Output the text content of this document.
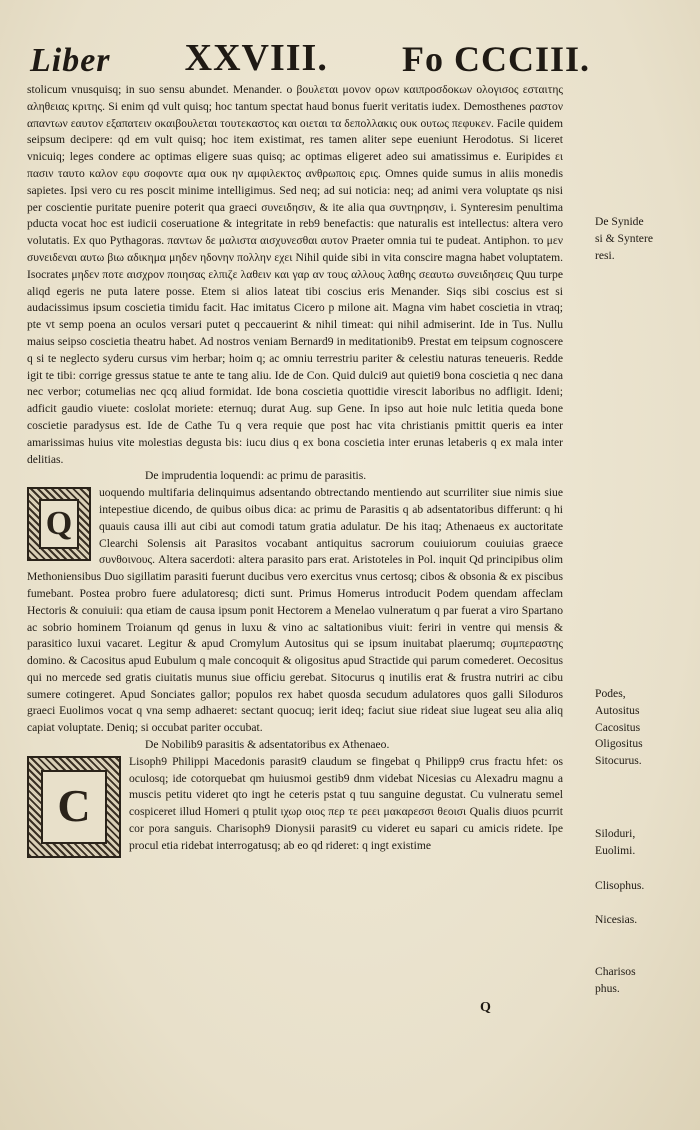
Liber XXVIII. Fo CCCIII.

stolicum vnusquisq; in suo sensu abundet. Menander. ο βουλεται μονον ορων καιπροσδοκων ολογισος εσταιτης αληθειας κριτης. Si enim qd vult quisq; hoc tantum spectat haud bonus fuerit veritatis iudex. Demosthenes ραστον απαντων εαυτον εξαπατειν οκαιβουλεται τουτεκαστος και οιεται τα δεπολλακις ουκ ουτως πεφυκεν. Facile quidem seipsum decipere: qd em vult quisq; hoc item existimat, res tamen aliter sepe eueniunt Herodotus. Si liceret vnicuiq; leges condere ac optimas eligere suas quisq; ac optimas eligeret adeo sui amatissimus e. Euripides ει πασιν ταυτο καλον εφυ σοφοντε αμα ουκ ην αμφιλεκτος ανθρωποις ερις. Omnes quide sumus in aliis monedis sapietes. Ipsi vero cu res poscit minime intelligimus. Sed neq; ad sui noticia: neq; ad animi vera voluptate qs nisi per coscientie puritate puenire poterit qua graeci συνειδησιν, & ite alia qua συντηρησιν, i. Synteresim penultima pducta vocat hoc est iudicii coseruatione & integritate in reb9 benefactis: que naturalis est intellectus: altera vero volutatis. Ex quo Pythagoras. παντων δε μαλιστα αισχυνεσθαι αυτον Praeter omnia tui te pudeat. Antiphon. το μεν συνειδεναι αυτω βιω αδικημα μηδεν ηδονην πολλην εχει Nihil quide sibi in vita conscire magna habet voluptatem. Isocrates μηδεν ποτε αισχρον ποιησας ελπιζε λαθειν και γαρ αν τους αλλους λαθης σεαυτω συνειδησεις Quu turpe aliqd egeris ne puta latere posse. Etem si alios lateat tibi coscius eris Menander. Siqs sibi coscius est si audacissimus ipsum coscietia timidu facit. Hac imitatus Cicero p milone ait. Magna vim habet coscietia in vtraq; pte vt semp poena an oculos versari putet q peccauerint & nihil timeat: qui nihil admiserint. Ide in Tus. Nullu maius seipso coscietia theatru habet. Ad nostros veniam Bernard9 in meditationib9. Prestat em teipsum cognoscere q si te neglecto syderu cursus vim herbar; hoim q; ac omniu terrestriu pariter & celestiu naturas teneueris. Redde igit te tibi: corrige gressus statue te ante te tang aliu. Ide de Con. Quid dulci9 aut quieti9 bona coscietia q nec dana nec verbor; cotumelias nec qcq aliud formidat. Ide bona coscietia quottidie virescit laboribus no adfligit. Ideni; adficit gaudio viuete: coslolat moriete: eternuq; durat Aug. sup Gene. In ipso aut hoie nulc letitia queda bone coscietie paradysus est. Ide de Cathe Tu q vera requie que post hac vita christianis pmittit queris ea inter amarissimas huius vite molestias degusta bis: iucu dius q ex bona coscietia inter erunas letaberis q ex mala inter delitias.

De imprudentia loquendi: ac primu de parasitis.

Q
uoquendo multifaria delinquimus adsentando obtrectando mentiendo aut scurriliter siue nimis siue intepestiue dicendo, de quibus oibus dica: ac primu de Parasitis q ab adsentatoribus differunt: q hi quauis causa illi aut cibi aut comodi tatum gratia adulatur. De his itaq; Athenaeus ex auctoritate Clearchi Solensis ait Parasitos vocabant antiquitus sacrorum couiuiorum couiuias graece συνθοινους. Altera sacerdoti: altera parasito pars erat. Aristoteles in Pol. inquit Qd principibus olim Methoniensibus Duo sigillatim parasiti fuerunt ducibus vero exercitus vnus certosq; cibos & obsonia & ex piscibus fumebant. Postea probro fuere adulatoresq; dicti sunt. Primus Homerus introducit Podem quendam affeclam Hectoris & conuiuii: qua etiam de causa ipsum ponit Hectorem a Menelao vulneratum q par fuerat a viro Spartano ac sobrio hominem Troianum qd genus in luxu & vino ac saltationibus viuit: feriri in ventre qui mensis & parasitico luxui vacaret. Legitur & apud Cromylum Autositus qui se ipsum inuitabat plaerumq; συμπεραστης domino. & Cacositus apud Eubulum q male concoquit & oligositus apud Stractide qui parum comederet. Oecositus qui no mercede sed gratis ciuitatis munus siue officiu gerebat. Sitocurus q inutilis erat & frustra nutriri ac cibu sumere cotingeret. Apud Sonciates gallor; populos rex habet quosda secudum adulatores quos galli Siloduros graeci Euolimos vocat q vna semp adhaeret: sectant quocuq; ierit ideq; faciut siue rideat siue lugeat seu alia aliq capiat voluptate. Deniq; si occubat pariter occubat.

De Nobilib9 parasitis & adsentatoribus ex Athenaeo.

C
Lisoph9 Philippi Macedonis parasit9 claudum se fingebat q Philipp9 crus fractu hfet: os oculosq; ide cotorquebat qm huiusmoi gestib9 dnm videbat Nicesias cu Alexadru magnu a muscis petitu videret qto ingt he ceteris pstat q tuu sanguine degustat. Cu vulneratu semel cospiceret illud Homeri q ptulit ιχωρ οιος περ τε ρεει μακαρεσσι θεοισι Qualis diuos pcurrit cor pora sanguis. Charisoph9 Dionysii parasit9 cu videret eu sapari cu amicis ridete. Ipe procul etia ridebat interrogatusq; ab eo qd rideret: q ingt existime

De Synide
si & Syntere
resi.
Podes,
Autositus
Cacositus
Oligositus
Sitocurus.
Siloduri,
Euolimi.
Clisophus.
Nicesias.
Charisos
phus.
Q
